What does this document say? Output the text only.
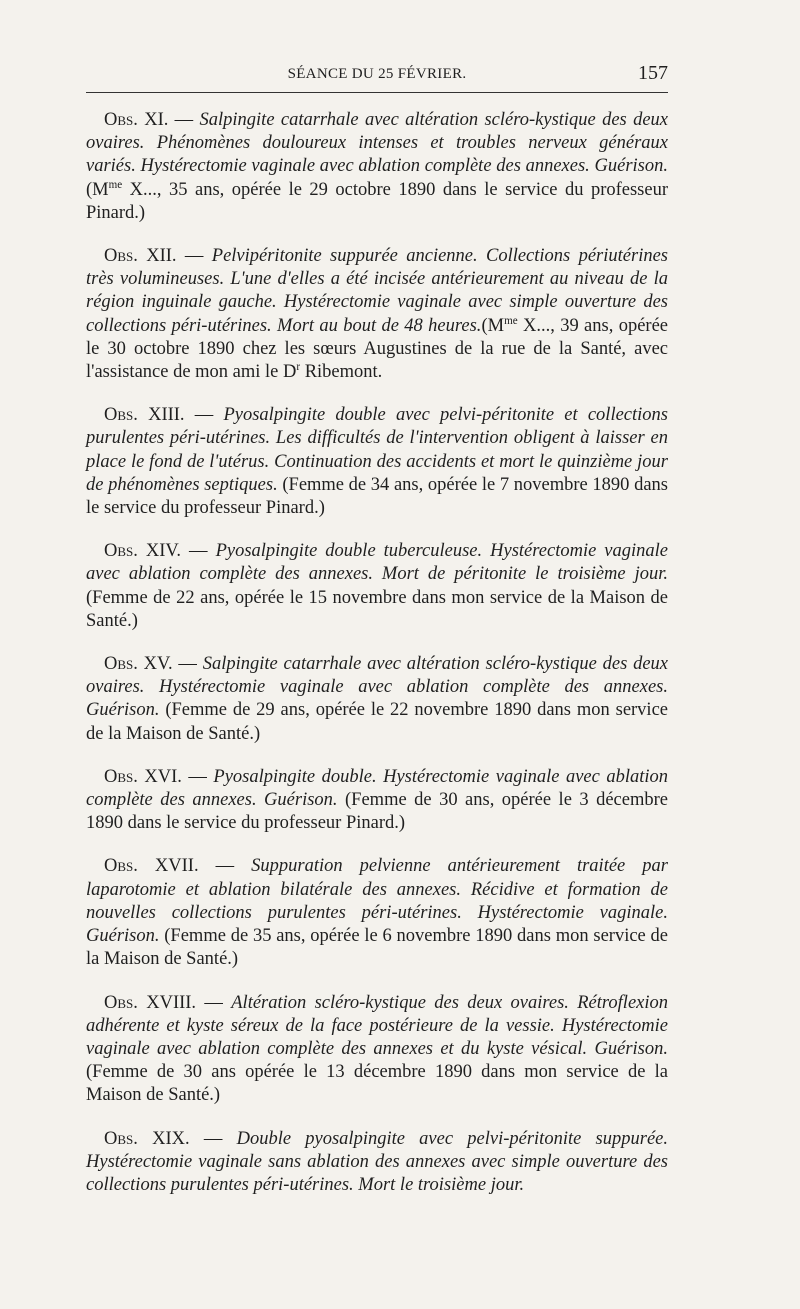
SÉANCE DU 25 FÉVRIER.	157

Obs. XI. — Salpingite catarrhale avec altération scléro-kystique des deux ovaires. Phénomènes douloureux intenses et troubles nerveux généraux variés. Hystérectomie vaginale avec ablation complète des annexes. Guérison. ($M^{me}$ X..., 35 ans, opérée le 29 octobre 1890 dans le service du professeur Pinard.)

Obs. XII. — Pelvipéritonite suppurée ancienne. Collections périutérines très volumineuses. L'une d'elles a été incisée antérieurement au niveau de la région inguinale gauche. Hystérectomie vaginale avec simple ouverture des collections péri-utérines. Mort au bout de 48 $heures.(M^{me}$ X..., 39 ans, opérée le 30 octobre 1890 chez les sœurs Augustines de la rue de la Santé, avec l'assistance de mon ami le $D^r$ Ribemont.

Obs. XIII. — Pyosalpingite double avec pelvi-péritonite et collections purulentes péri-utérines. Les difficultés de l'intervention obligent à laisser en place le fond de l'utérus. Continuation des accidents et mort le quinzième jour de phénomènes septiques. (Femme de 34 ans, opérée le 7 novembre 1890 dans le service du professeur Pinard.)

Obs. XIV. — Pyosalpingite double tuberculeuse. Hystérectomie vaginale avec ablation complète des annexes. Mort de péritonite le troisième jour. (Femme de 22 ans, opérée le 15 novembre dans mon service de la Maison de Santé.)

Obs. XV. — Salpingite catarrhale avec altération scléro-kystique des deux ovaires. Hystérectomie vaginale avec ablation complète des annexes. Guérison. (Femme de 29 ans, opérée le 22 novembre 1890 dans mon service de la Maison de Santé.)

Obs. XVI. — Pyosalpingite double. Hystérectomie vaginale avec ablation complète des annexes. Guérison. (Femme de 30 ans, opérée le 3 décembre 1890 dans le service du professeur Pinard.)

Obs. XVII. — Suppuration pelvienne antérieurement traitée par laparotomie et ablation bilatérale des annexes. Récidive et formation de nouvelles collections purulentes péri-utérines. Hystérectomie vaginale. Guérison. (Femme de 35 ans, opérée le 6 novembre 1890 dans mon service de la Maison de Santé.)

Obs. XVIII. — Altération scléro-kystique des deux ovaires. Rétroflexion adhérente et kyste séreux de la face postérieure de la vessie. Hystérectomie vaginale avec ablation complète des annexes et du kyste vésical. Guérison. (Femme de 30 ans opérée le 13 décembre 1890 dans mon service de la Maison de Santé.)

Obs. XIX. — Double pyosalpingite avec pelvi-péritonite suppurée. Hystérectomie vaginale sans ablation des annexes avec simple ouverture des collections purulentes péri-utérines. Mort le troisième jour.
